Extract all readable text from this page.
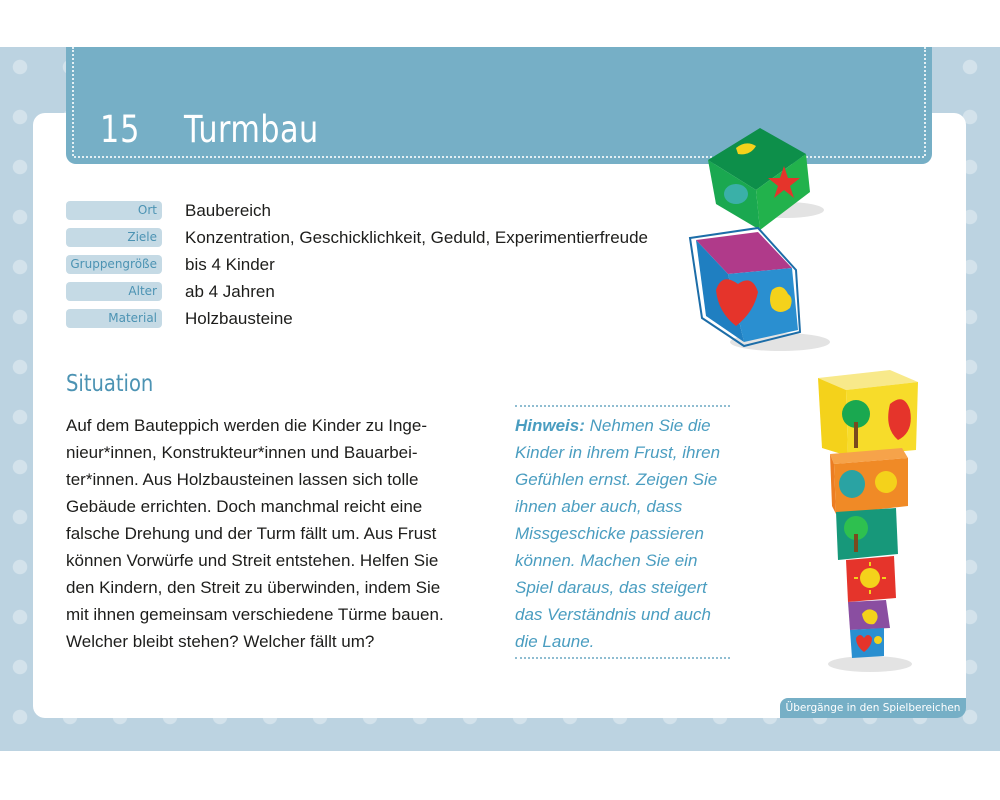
15 Turmbau
Ort Baubereich
Ziele Konzentration, Geschicklichkeit, Geduld, Experimentierfreude
Gruppengröße bis 4 Kinder
Alter ab 4 Jahren
Material Holzbausteine
Situation
Auf dem Bauteppich werden die Kinder zu Inge-
nieur*innen, Konstrukteur*innen und Bauarbei-
ter*innen. Aus Holzbausteinen lassen sich tolle
Gebäude errichten. Doch manchmal reicht eine
falsche Drehung und der Turm fällt um. Aus Frust
können Vorwürfe und Streit entstehen. Helfen Sie
den Kindern, den Streit zu überwinden, indem Sie
mit ihnen gemeinsam verschiedene Türme bauen.
Welcher bleibt stehen? Welcher fällt um?
Hinweis: Nehmen Sie die
Kinder in ihrem Frust, ihren
Gefühlen ernst. Zeigen Sie
ihnen aber auch, dass
Missgeschicke passieren
können. Machen Sie ein
Spiel daraus, das steigert
das Verständnis und auch
die Laune.
Übergänge in den Spielbereichen
